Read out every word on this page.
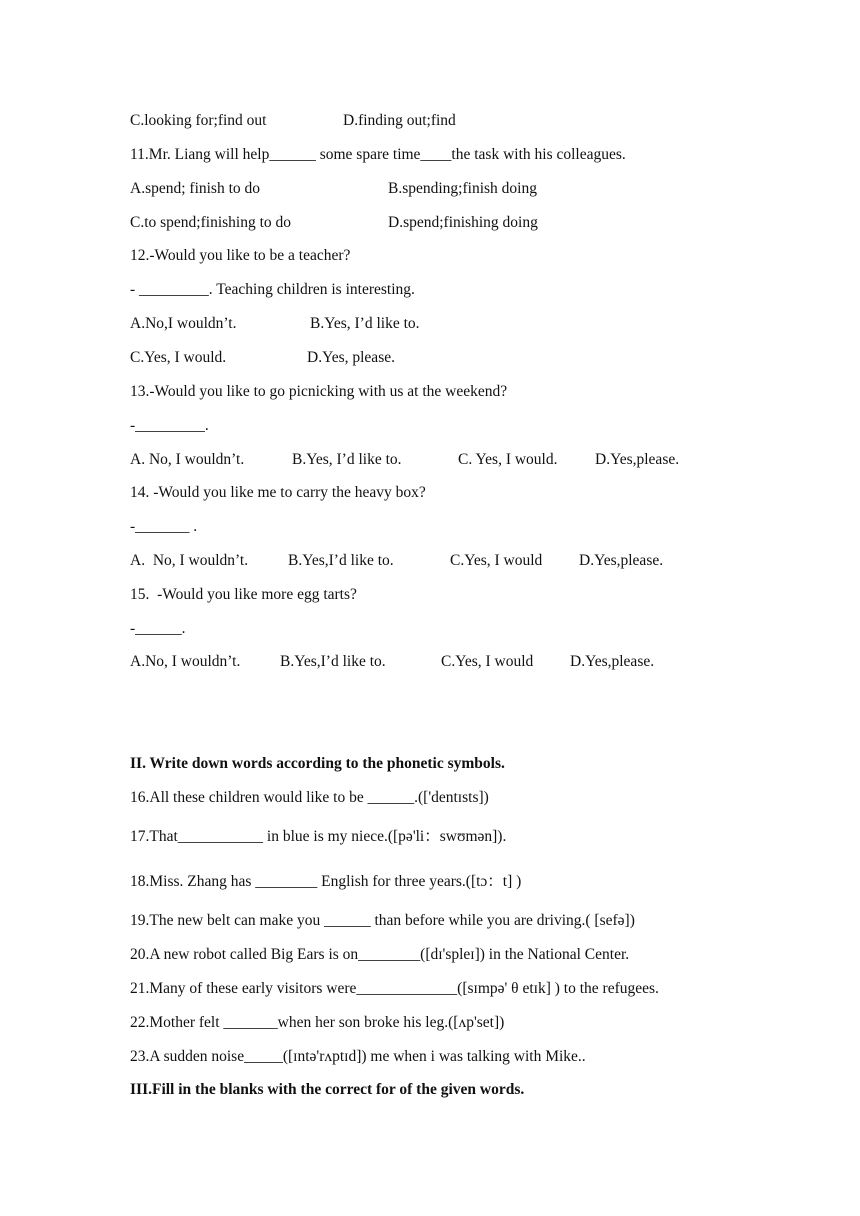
C.looking for;find out	D.finding out;find
11.Mr. Liang will help______ some spare time____the task with his colleagues.
A.spend; finish to do	B.spending;finish doing
C.to spend;finishing to do	D.spend;finishing doing
12.-Would you like to be a teacher?
- _________. Teaching children is interesting.
A.No,I wouldn’t.	B.Yes, I’d like to.
C.Yes, I would.	D.Yes, please.
13.-Would you like to go picnicking with us at the weekend?
-_________.
A. No, I wouldn’t.	B.Yes, I’d like to.	C. Yes, I would. D.Yes,please.
14. -Would you like me to carry the heavy box?
-_______ .
A.  No, I wouldn’t.	B.Yes,I’d like to.	C.Yes, I would D.Yes,please.
15.  -Would you like more egg tarts?
-______.
A.No, I wouldn’t.	B.Yes,I’d like to.	C.Yes, I would D.Yes,please.
II. Write down words according to the phonetic symbols.
16.All these children would like to be ______.(['dentɪsts])
17.That___________ in blue is my niece.([pə'li：swʊmən]).
18.Miss. Zhang has ________ English for three years.([tɔ：t] )
19.The new belt can make you ______ than before while you are driving.( [sefə])
20.A new robot called Big Ears is on________([dɪ'spleɪ]) in the National Center.
21.Many of these early visitors were_____________([sɪmpə' θ etɪk] ) to the refugees.
22.Mother felt _______when her son broke his leg.([ʌp'set])
23.A sudden noise_____([ɪntə'rʌptɪd]) me when i was talking with Mike..
III.Fill in the blanks with the correct for of the given words.
